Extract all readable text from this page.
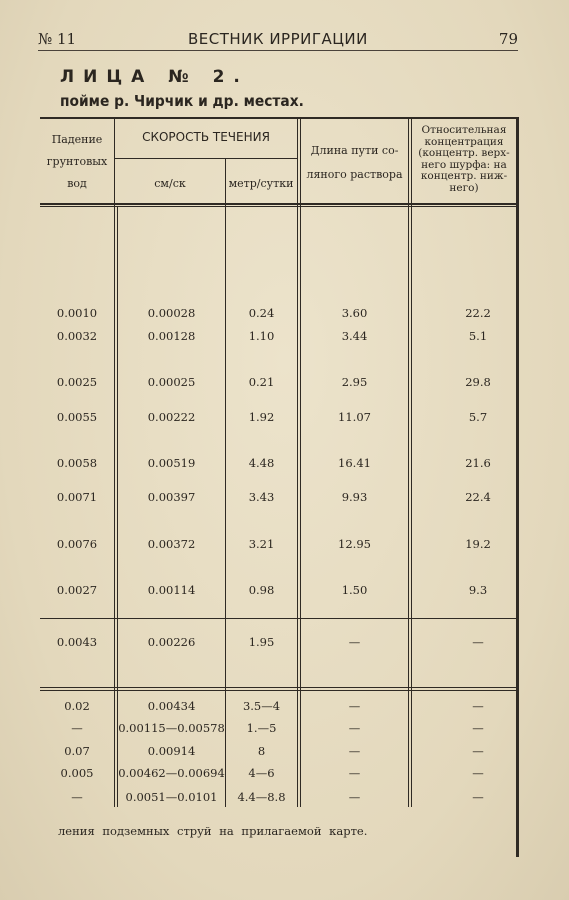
№ 11	ВЕСТНИК ИРРИГАЦИИ	79
ЛИЦА № 2.
пойме р. Чирчик и др. местах.
Падение
грунтовых
вод
СКОРОСТЬ ТЕЧЕНИЯ
см/ск	метр/сутки
Длина пути со-
ляного раствора
Относительная
концентрация
(концентр. верх-
него шурфа: на
концентр. ниж-
него)
0.0010	0.00028	0.24	3.60	22.2
0.0032	0.00128	1.10	3.44	5.1
0.0025	0.00025	0.21	2.95	29.8
0.0055	0.00222	1.92	11.07	5.7
0.0058	0.00519	4.48	16.41	21.6
0.0071	0.00397	3.43	9.93	22.4
0.0076	0.00372	3.21	12.95	19.2
0.0027	0.00114	0.98	1.50	9.3
0.0043	0.00226	1.95	—	—
0.02	0.00434	3.5—4	—	—
—	0.00115—0.00578	1.—5	—	—
0.07	0.00914	8	—	—
0.005	0.00462—0.00694	4—6	—	—
—	0.0051—0.0101	4.4—8.8	—	—
ления подземных струй на прилагаемой карте.
